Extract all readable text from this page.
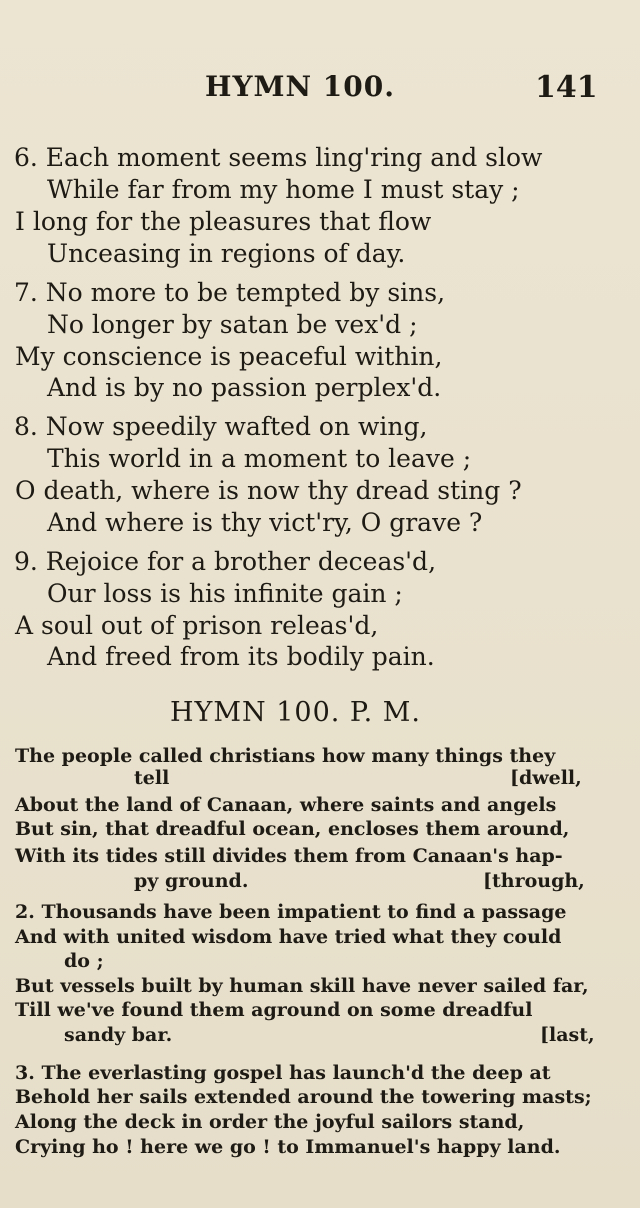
HYMN 100.	141
6. Each moment seems ling'ring and slow
While far from my home I must stay ;
I long for the pleasures that flow
Unceasing in regions of day.
7. No more to be tempted by sins,
No longer by satan be vex'd ;
My conscience is peaceful within,
And is by no passion perplex'd.
8. Now speedily wafted on wing,
This world in a moment to leave ;
O death, where is now thy dread sting ?
And where is thy vict'ry, O grave ?
9. Rejoice for a brother deceas'd,
Our loss is his infinite gain ;
A soul out of prison releas'd,
And freed from its bodily pain.
HYMN 100. P. M.
The people called christians how many things they
tell	[dwell,
About the land of Canaan, where saints and angels
But sin, that dreadful ocean, encloses them around,
With its tides still divides them from Canaan's hap-
py ground.	[through,
2. Thousands have been impatient to find a passage
And with united wisdom have tried what they could
do ;
But vessels built by human skill have never sailed far,
Till we've found them aground on some dreadful
sandy bar.	[last,
3. The everlasting gospel has launch'd the deep at
Behold her sails extended around the towering masts;
Along the deck in order the joyful sailors stand,
Crying ho ! here we go ! to Immanuel's happy land.
